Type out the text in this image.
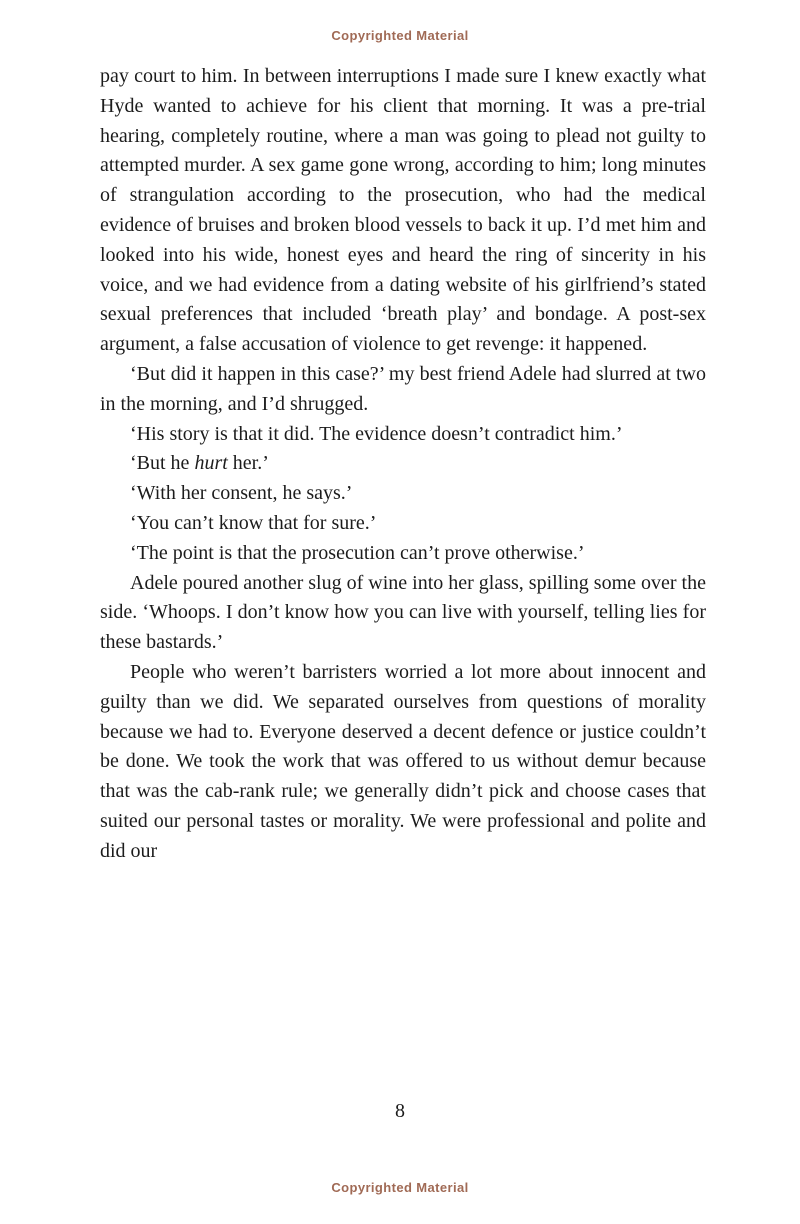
Copyrighted Material

pay court to him. In between interruptions I made sure I knew exactly what Hyde wanted to achieve for his client that morning. It was a pre-trial hearing, completely routine, where a man was going to plead not guilty to attempted murder. A sex game gone wrong, according to him; long minutes of strangulation according to the prosecution, who had the medical evidence of bruises and broken blood vessels to back it up. I’d met him and looked into his wide, honest eyes and heard the ring of sincerity in his voice, and we had evidence from a dating website of his girlfriend’s stated sexual preferences that included ‘breath play’ and bondage. A post-sex argument, a false accusation of violence to get revenge: it happened.

‘But did it happen in this case?’ my best friend Adele had slurred at two in the morning, and I’d shrugged.

‘His story is that it did. The evidence doesn’t contradict him.’

‘But he hurt her.’

‘With her consent, he says.’

‘You can’t know that for sure.’

‘The point is that the prosecution can’t prove otherwise.’

Adele poured another slug of wine into her glass, spilling some over the side. ‘Whoops. I don’t know how you can live with yourself, telling lies for these bastards.’

People who weren’t barristers worried a lot more about innocent and guilty than we did. We separated ourselves from questions of morality because we had to. Everyone deserved a decent defence or justice couldn’t be done. We took the work that was offered to us without demur because that was the cab-rank rule; we generally didn’t pick and choose cases that suited our personal tastes or morality. We were professional and polite and did our

8
Copyrighted Material
